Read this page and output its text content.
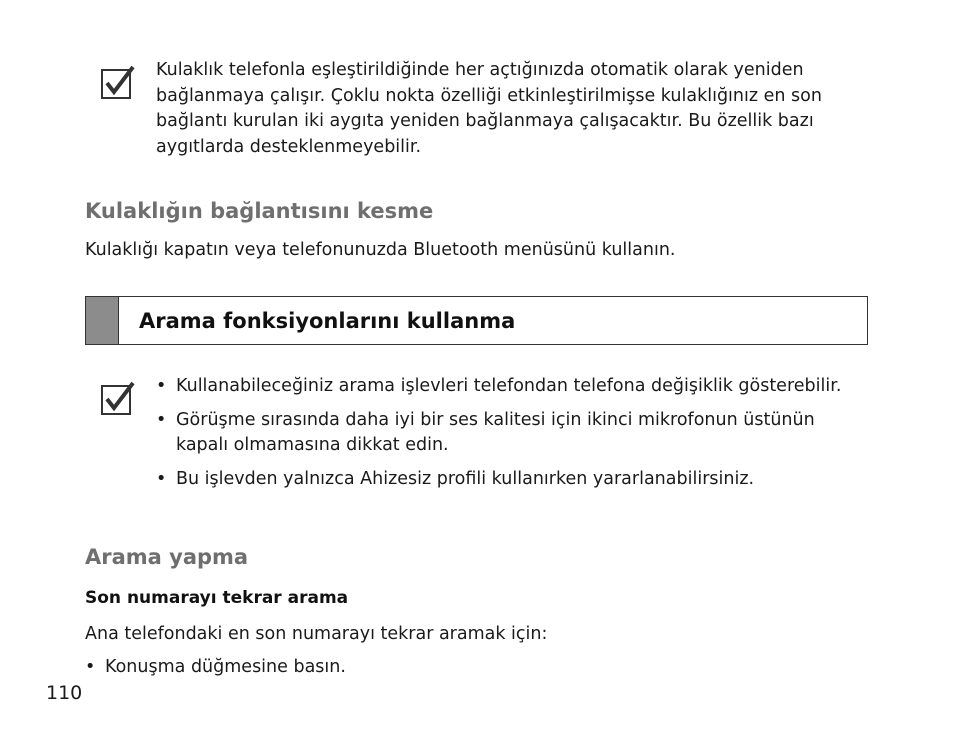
Kulaklık telefonla eşleştirildiğinde her açtığınızda otomatik olarak yeniden bağlanmaya çalışır. Çoklu nokta özelliği etkinleştirilmişse kulaklığınız en son bağlantı kurulan iki aygıta yeniden bağlanmaya çalışacaktır. Bu özellik bazı aygıtlarda desteklenmeyebilir.
Kulaklığın bağlantısını kesme
Kulaklığı kapatın veya telefonunuzda Bluetooth menüsünü kullanın.
Arama fonksiyonlarını kullanma
• Kullanabileceğiniz arama işlevleri telefondan telefona değişiklik gösterebilir.
• Görüşme sırasında daha iyi bir ses kalitesi için ikinci mikrofonun üstünün kapalı olmamasına dikkat edin.
• Bu işlevden yalnızca Ahizesiz profili kullanırken yararlanabilirsiniz.
Arama yapma
Son numarayı tekrar arama
Ana telefondaki en son numarayı tekrar aramak için:
• Konuşma düğmesine basın.
110
